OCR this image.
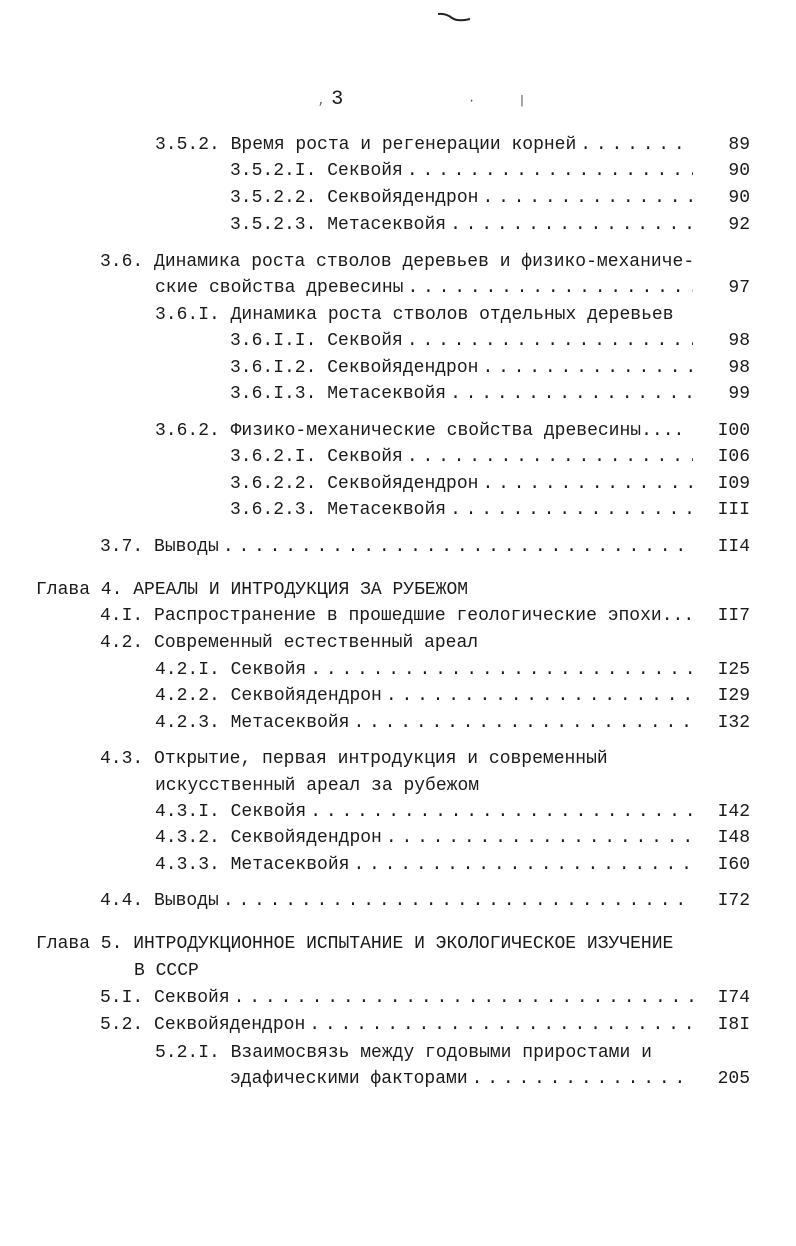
, 3	·      |
3.5.2. Время роста и регенерации корней . . .	89
3.5.2.I. Секвойя . . .	90
3.5.2.2. Секвойядендрон . . .	90
3.5.2.3. Метасеквойя . . .	92
3.6. Динамика роста стволов деревьев и физико-механиче-
ские свойства древесины . . .	97
3.6.I. Динамика роста стволов отдельных деревьев
3.6.I.I. Секвойя . . .	98
3.6.I.2. Секвойядендрон . . .	98
3.6.I.3. Метасеквойя . . .	99
3.6.2. Физико-механические свойства древесины....	I00
3.6.2.I. Секвойя . . .	I06
3.6.2.2. Секвойядендрон . . .	I09
3.6.2.3. Метасеквойя . . .	III
3.7. Выводы . . .	II4
Глава 4. АРЕАЛЫ И ИНТРОДУКЦИЯ ЗА РУБЕЖОМ
4.I. Распространение в прошедшие геологические эпохи...	II7
4.2. Современный естественный ареал
4.2.I. Секвойя . . .	I25
4.2.2. Секвойядендрон . . .	I29
4.2.3. Метасеквойя . . .	I32
4.3. Открытие, первая интродукция и современный
искусственный ареал за рубежом
4.3.I. Секвойя . . .	I42
4.3.2. Секвойядендрон . . .	I48
4.3.3. Метасеквойя . . .	I60
4.4. Выводы . . .	I72
Глава 5. ИНТРОДУКЦИОННОЕ ИСПЫТАНИЕ И ЭКОЛОГИЧЕСКОЕ ИЗУЧЕНИЕ
В СССР
5.I. Секвойя . . .	I74
5.2. Секвойядендрон . . .	I8I
5.2.I. Взаимосвязь между годовыми приростами и
эдафическими факторами . . .	205
